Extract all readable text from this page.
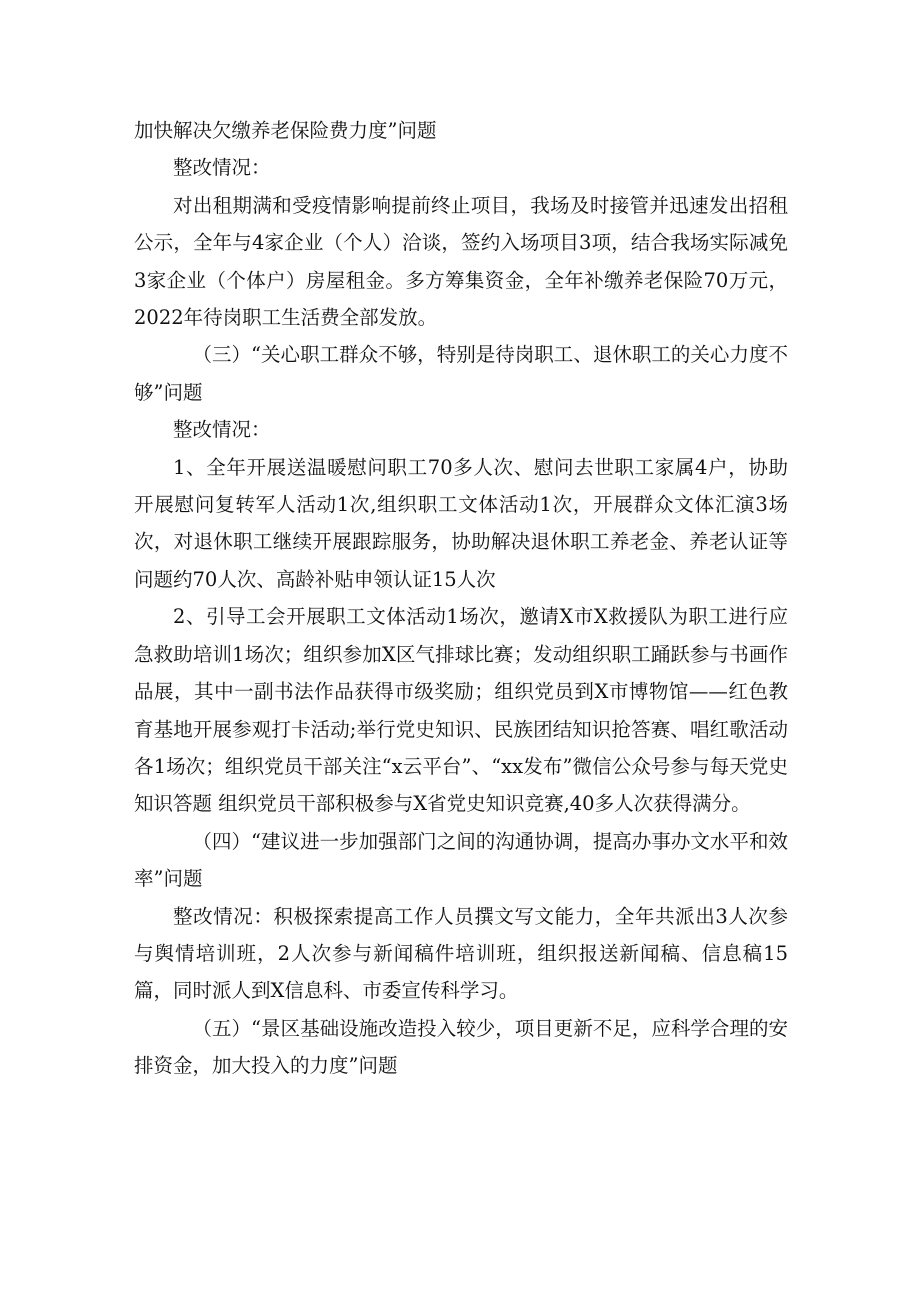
加快解决欠缴养老保险费力度”问题

整改情况：

对出租期满和受疫情影响提前终止项目，我场及时接管并迅速发出招租公示，全年与4家企业（个人）洽谈，签约入场项目3项，结合我场实际减免3家企业（个体户）房屋租金。多方筹集资金，全年补缴养老保险70万元，2022年待岗职工生活费全部发放。

（三）“关心职工群众不够，特别是待岗职工、退休职工的关心力度不够”问题

整改情况：

1、全年开展送温暖慰问职工70多人次、慰问去世职工家属4户，协助开展慰问复转军人活动1次,组织职工文体活动1次，开展群众文体汇演3场次，对退休职工继续开展跟踪服务，协助解决退休职工养老金、养老认证等问题约70人次、高龄补贴申领认证15人次

2、引导工会开展职工文体活动1场次，邀请X市X救援队为职工进行应急救助培训1场次；组织参加X区气排球比赛；发动组织职工踊跃参与书画作品展，其中一副书法作品获得市级奖励；组织党员到X市博物馆——红色教育基地开展参观打卡活动;举行党史知识、民族团结知识抢答赛、唱红歌活动各1场次；组织党员干部关注“x云平台”、“xx发布”微信公众号参与每天党史知识答题 组织党员干部积极参与X省党史知识竞赛,40多人次获得满分。

（四）“建议进一步加强部门之间的沟通协调，提高办事办文水平和效率”问题

整改情况：积极探索提高工作人员撰文写文能力，全年共派出3人次参与舆情培训班，2人次参与新闻稿件培训班，组织报送新闻稿、信息稿15篇，同时派人到X信息科、市委宣传科学习。

（五）“景区基础设施改造投入较少，项目更新不足，应科学合理的安排资金，加大投入的力度”问题
